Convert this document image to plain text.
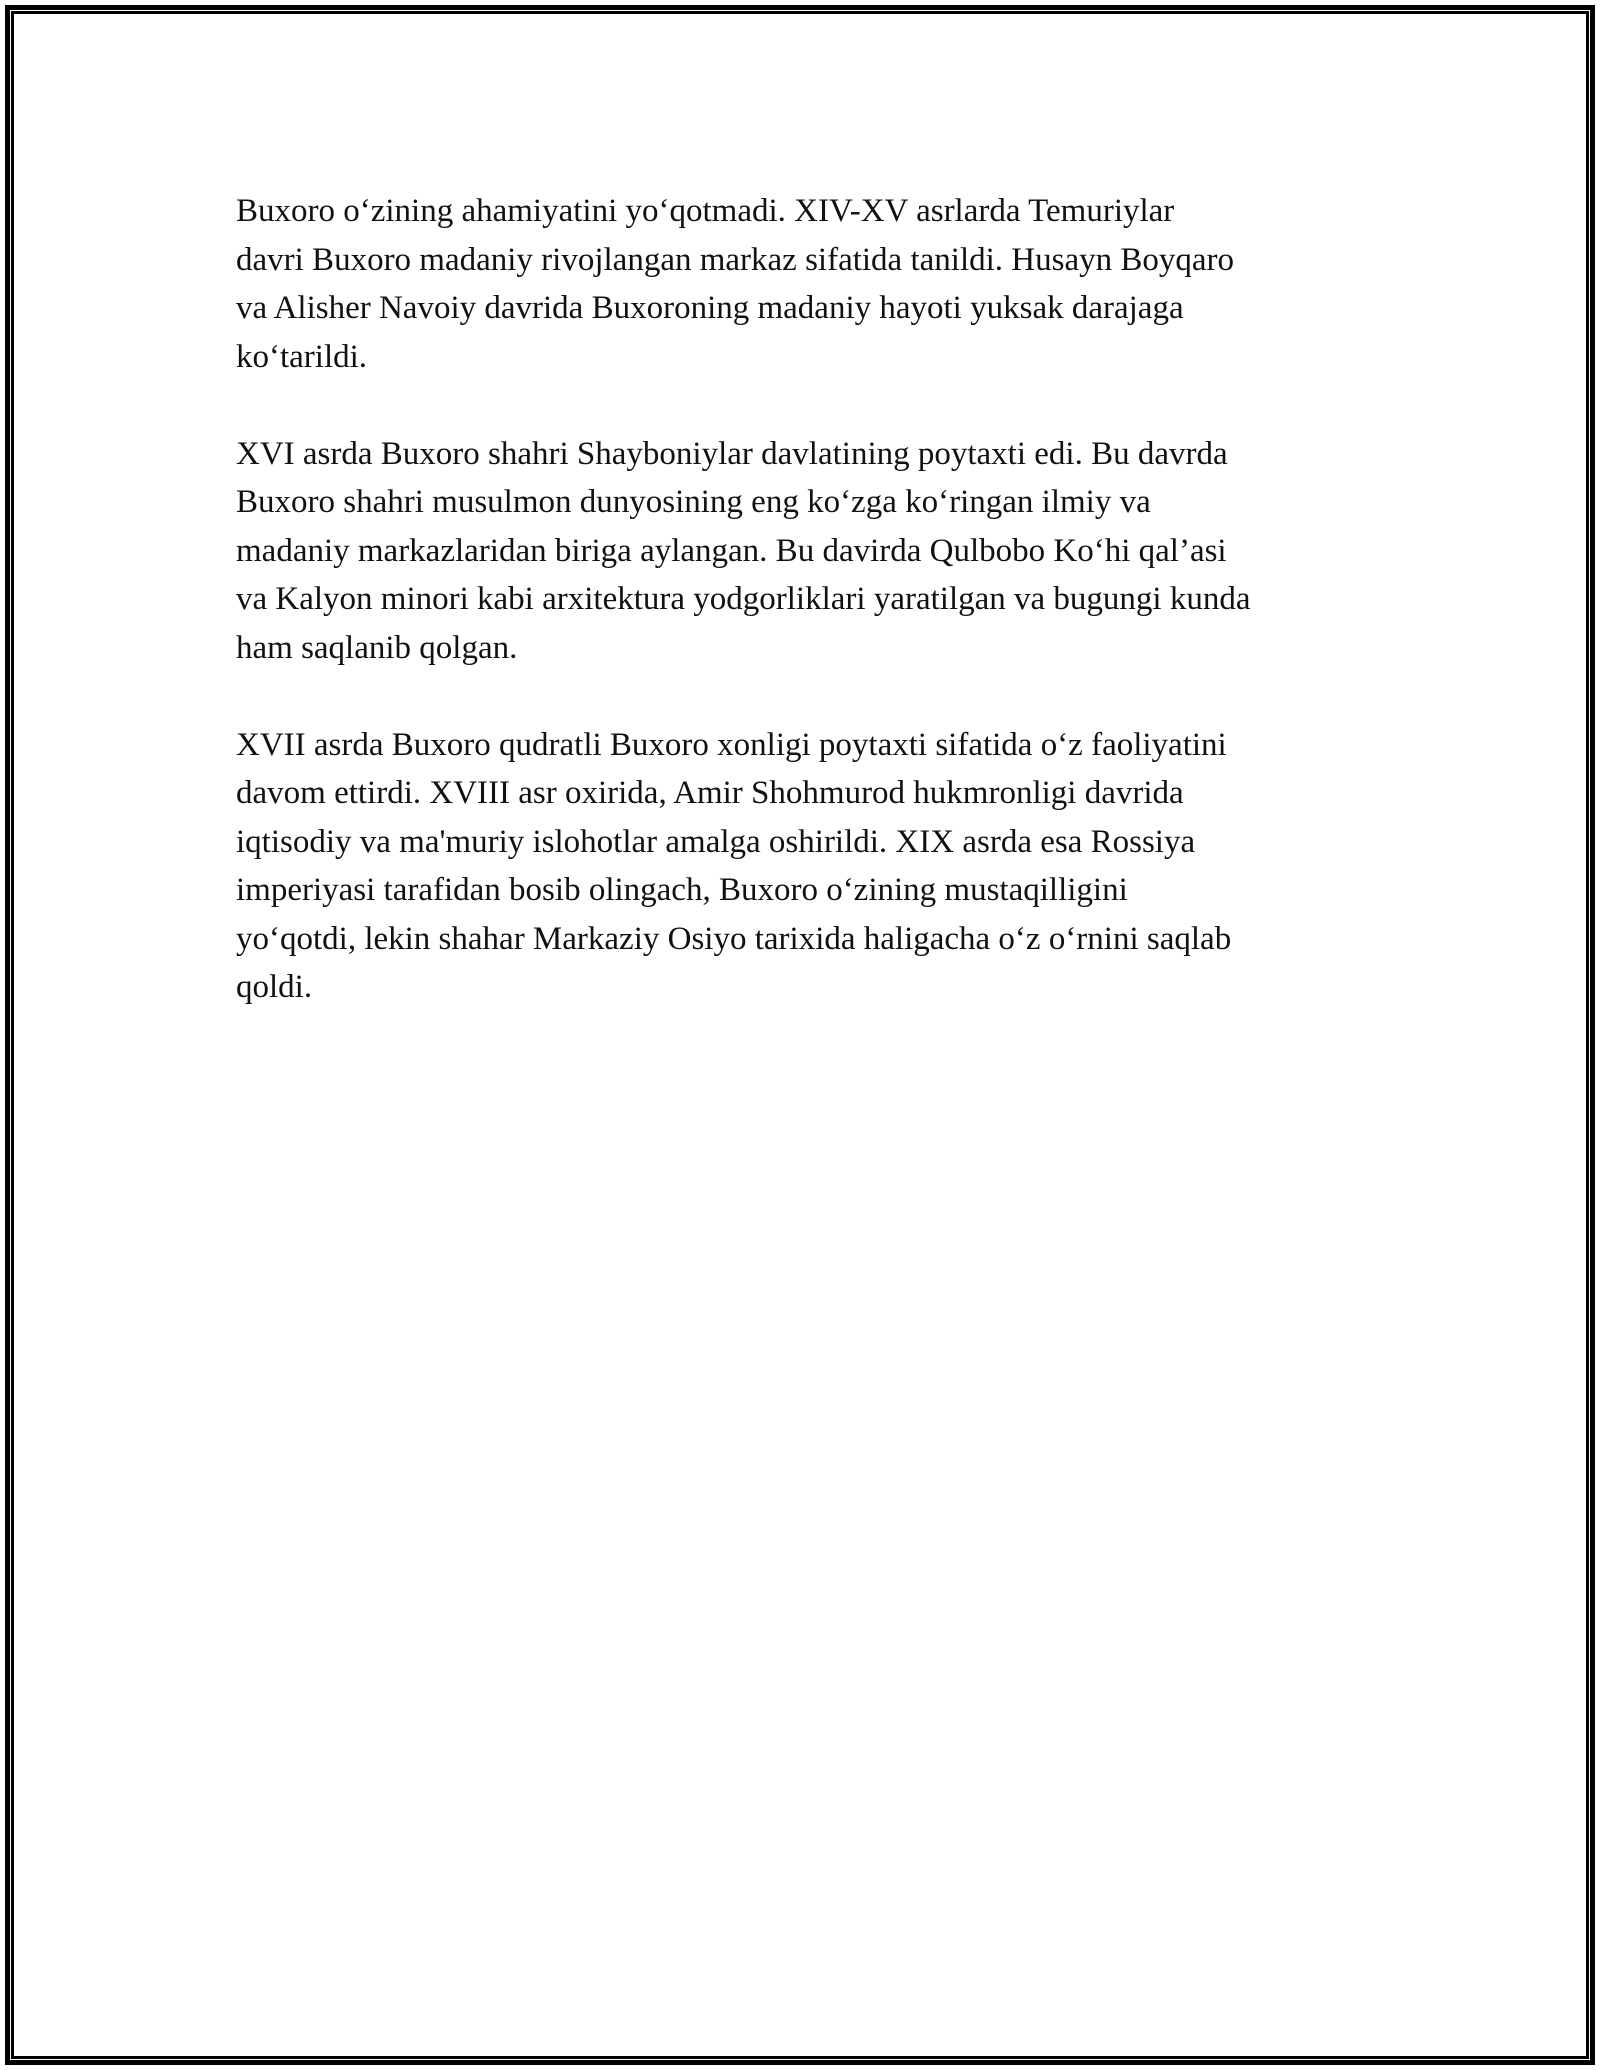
Buxoro o‘zining ahamiyatini yo‘qotmadi. XIV-XV asrlarda Temuriylar
davri Buxoro madaniy rivojlangan markaz sifatida tanildi. Husayn Boyqaro
va Alisher Navoiy davrida Buxoroning madaniy hayoti yuksak darajaga
ko‘tarildi.

XVI asrda Buxoro shahri Shayboniylar davlatining poytaxti edi. Bu davrda
Buxoro shahri musulmon dunyosining eng ko‘zga ko‘ringan ilmiy va
madaniy markazlaridan biriga aylangan. Bu davirda Qulbobo Ko‘hi qal’asi
va Kalyon minori kabi arxitektura yodgorliklari yaratilgan va bugungi kunda
ham saqlanib qolgan.

XVII asrda Buxoro qudratli Buxoro xonligi poytaxti sifatida o‘z faoliyatini
davom ettirdi. XVIII asr oxirida, Amir Shohmurod hukmronligi davrida
iqtisodiy va ma'muriy islohotlar amalga oshirildi. XIX asrda esa Rossiya
imperiyasi tarafidan bosib olingach, Buxoro o‘zining mustaqilligini
yo‘qotdi, lekin shahar Markaziy Osiyo tarixida haligacha o‘z o‘rnini saqlab
qoldi.
